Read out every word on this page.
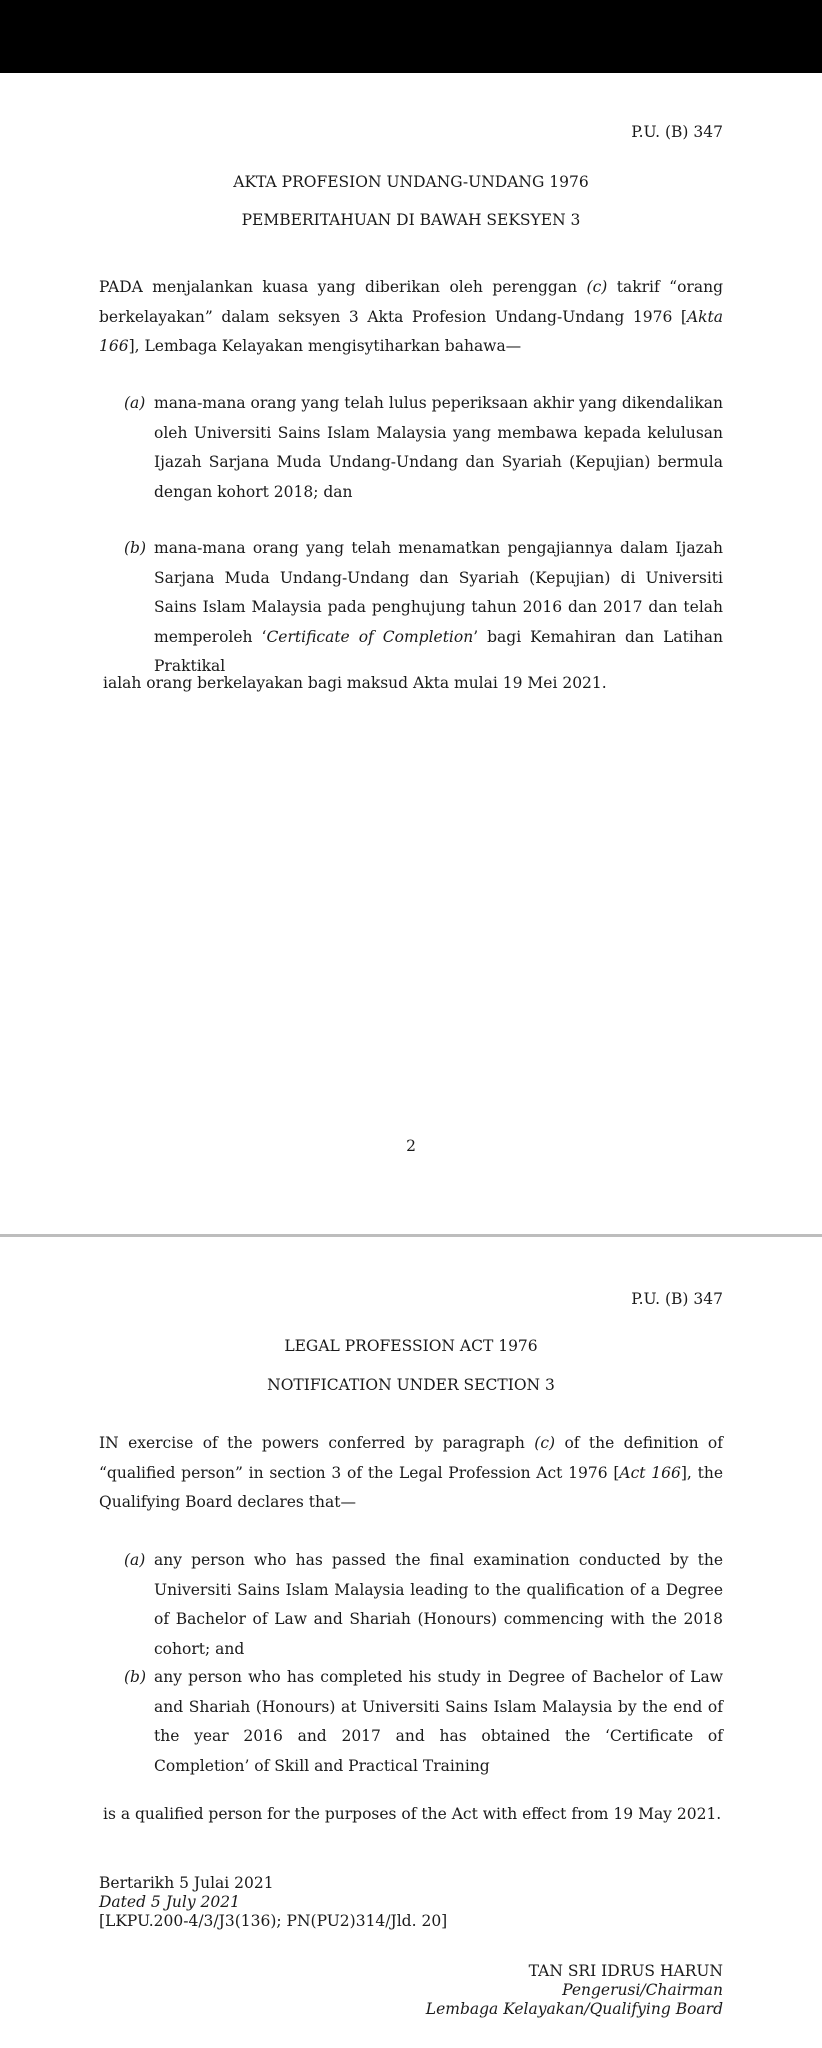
P.U. (B) 347
AKTA PROFESION UNDANG-UNDANG 1976
PEMBERITAHUAN DI BAWAH SEKSYEN 3
PADA menjalankan kuasa yang diberikan oleh perenggan (c) takrif “orang berkelayakan” dalam seksyen 3 Akta Profesion Undang-Undang 1976 [Akta 166], Lembaga Kelayakan mengisytiharkan bahawa—
(a) mana-mana orang yang telah lulus peperiksaan akhir yang dikendalikan oleh Universiti Sains Islam Malaysia yang membawa kepada kelulusan Ijazah Sarjana Muda Undang-Undang dan Syariah (Kepujian) bermula dengan kohort 2018; dan
(b) mana-mana orang yang telah menamatkan pengajiannya dalam Ijazah Sarjana Muda Undang-Undang dan Syariah (Kepujian) di Universiti Sains Islam Malaysia pada penghujung tahun 2016 dan 2017 dan telah memperoleh ‘Certificate of Completion’ bagi Kemahiran dan Latihan Praktikal
ialah orang berkelayakan bagi maksud Akta mulai 19 Mei 2021.
2
P.U. (B) 347
LEGAL PROFESSION ACT 1976
NOTIFICATION UNDER SECTION 3
IN exercise of the powers conferred by paragraph (c) of the definition of “qualified person” in section 3 of the Legal Profession Act 1976 [Act 166], the Qualifying Board declares that—
(a) any person who has passed the final examination conducted by the Universiti Sains Islam Malaysia leading to the qualification of a Degree of Bachelor of Law and Shariah (Honours) commencing with the 2018 cohort; and
(b) any person who has completed his study in Degree of Bachelor of Law and Shariah (Honours) at Universiti Sains Islam Malaysia by the end of the year 2016 and 2017 and has obtained the ‘Certificate of Completion’ of Skill and Practical Training
is a qualified person for the purposes of the Act with effect from 19 May 2021.
Bertarikh 5 Julai 2021
Dated 5 July 2021
[LKPU.200-4/3/J3(136); PN(PU2)314/Jld. 20]
TAN SRI IDRUS HARUN
Pengerusi/Chairman
Lembaga Kelayakan/Qualifying Board
